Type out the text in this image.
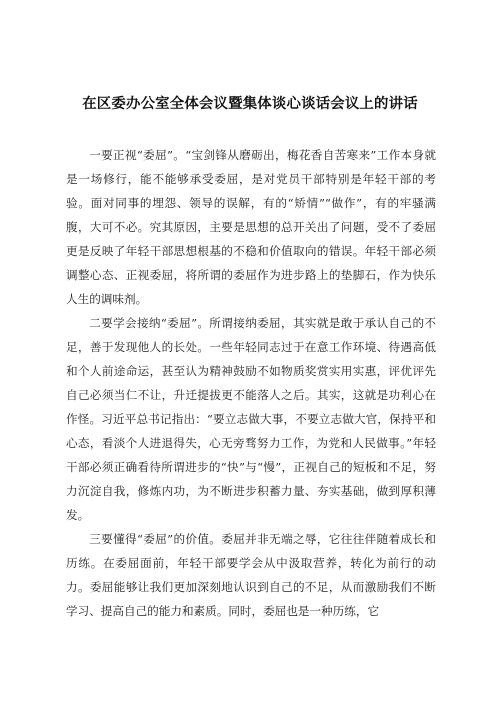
在区委办公室全体会议暨集体谈心谈话会议上的讲话

一要正视“委屈”。“宝剑锋从磨砺出，梅花香自苦寒来”工作本身就是一场修行，能不能够承受委屈，是对党员干部特别是年轻干部的考验。面对同事的埋怨、领导的误解，有的“矫情”“做作”，有的牢骚满腹，大可不必。究其原因，主要是思想的总开关出了问题，受不了委屈更是反映了年轻干部思想根基的不稳和价值取向的错误。年轻干部必须调整心态、正视委屈，将所谓的委屈作为进步路上的垫脚石，作为快乐人生的调味剂。

二要学会接纳“委屈”。所谓接纳委屈，其实就是敢于承认自己的不足，善于发现他人的长处。一些年轻同志过于在意工作环境、待遇高低和个人前途命运，甚至认为精神鼓励不如物质奖赏实用实惠，评优评先自己必须当仁不让，升迁提拔更不能落人之后。其实，这就是功利心在作怪。习近平总书记指出：“要立志做大事，不要立志做大官，保持平和心态，看淡个人进退得失，心无旁骛努力工作，为党和人民做事。”年轻干部必须正确看待所谓进步的“快”与“慢”，正视自己的短板和不足，努力沉淀自我，修炼内功，为不断进步积蓄力量、夯实基础，做到厚积薄发。

三要懂得“委屈”的价值。委屈并非无端之辱，它往往伴随着成长和历练。在委屈面前，年轻干部要学会从中汲取营养，转化为前行的动力。委屈能够让我们更加深刻地认识到自己的不足，从而激励我们不断学习、提高自己的能力和素质。同时，委屈也是一种历练，它
